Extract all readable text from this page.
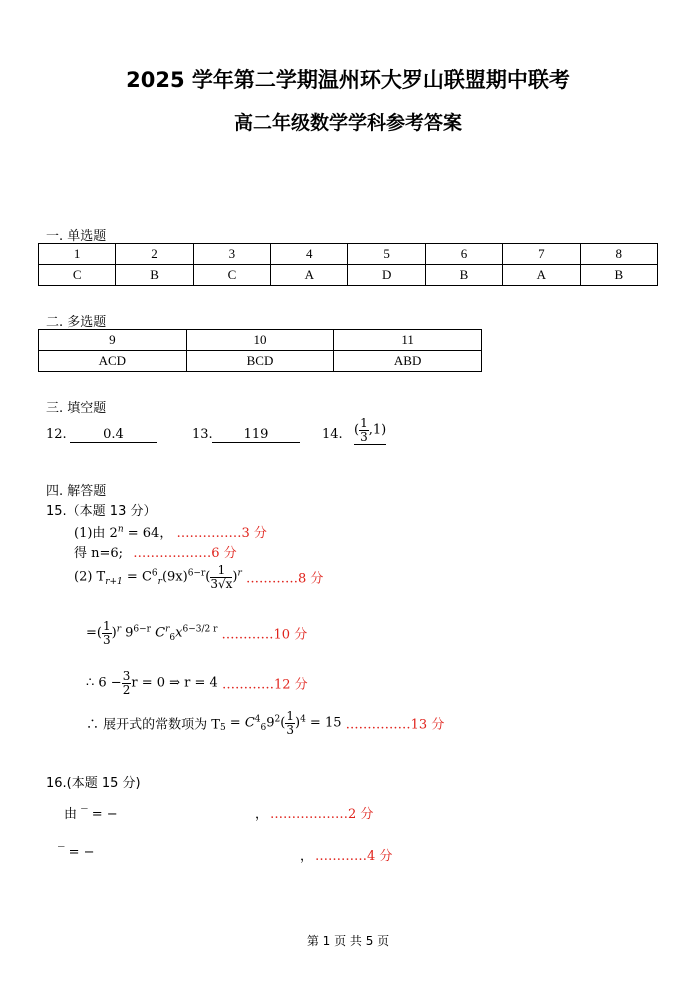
2025 学年第二学期温州环大罗山联盟期中联考
高二年级数学学科参考答案
一. 单选题
1	2	3	4	5	6	7	8
C	B	C	A	D	B	A	B
二. 多选题
9	10	11
ACD	BCD	ABD
三. 填空题
12.	0.4	13.	119	14. ( $\frac{1}{3} ,1$)
四. 解答题
15.（本题 13 分）
(1)由 $2^n = 64$， ……………3 分
得 n=6; ………………6 分
(2) $T_{r+1} = C^6_r(9x)^{6-r}( \frac{1}{3√x} )^r$ …………8 分
=( $\frac{1}{3} )^r$ $9^{6-r}$ $C^r_6x^{6-3/2 r}$ …………10 分
∴ $6 - \frac{3}{2}$ r = 0 ⇒ r = 4 …………12 分
∴ 展开式的常数项为 $T_5 = C^4_69^2( \frac{1}{3} )^4 = 15$ ……………13 分
16.(本题 15 分)
由 ‾ = −	， ………………2 分
‾ = −	， …………4 分
第 1 页 共 5 页
